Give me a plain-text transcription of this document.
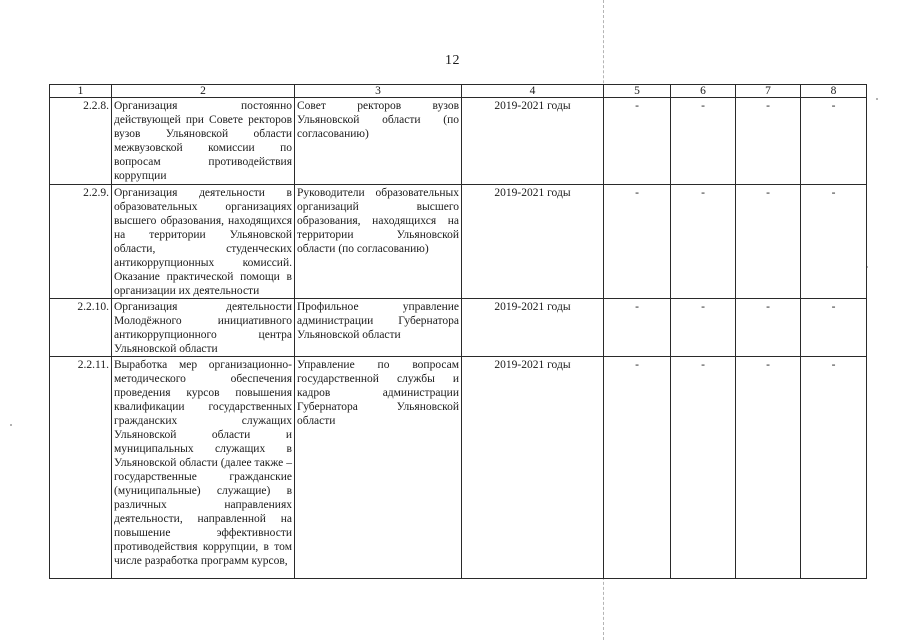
12
1	2	3	4	5	6	7	8
2.2.8.	Организация постоянно действующей при Совете ректоров вузов Ульяновской области межвузовской комиссии по вопросам противодействия коррупции	Совет ректоров вузов Ульяновской области (по согласованию)	2019-2021 годы	-	-	-	-
2.2.9.	Организация деятельности в образовательных организациях высшего образования, находящихся на территории Ульяновской области, студенческих антикоррупционных комиссий. Оказание практической помощи в организации их деятельности	Руководители образовательных организаций высшего образования, находящихся на территории Ульяновской области (по согласованию)	2019-2021 годы	-	-	-	-
2.2.10.	Организация деятельности Молодёжного инициативного антикоррупционного центра Ульяновской области	Профильное управление администрации Губернатора Ульяновской области	2019-2021 годы	-	-	-	-
2.2.11.	Выработка мер организационно-методического обеспечения проведения курсов повышения квалификации государственных гражданских служащих Ульяновской области и муниципальных служащих в Ульяновской области (далее также – государственные гражданские (муниципальные) служащие) в различных направлениях деятельности, направленной на повышение эффективности противодействия коррупции, в том числе разработка программ курсов,	Управление по вопросам государственной службы и кадров администрации Губернатора Ульяновской области	2019-2021 годы	-	-	-	-
